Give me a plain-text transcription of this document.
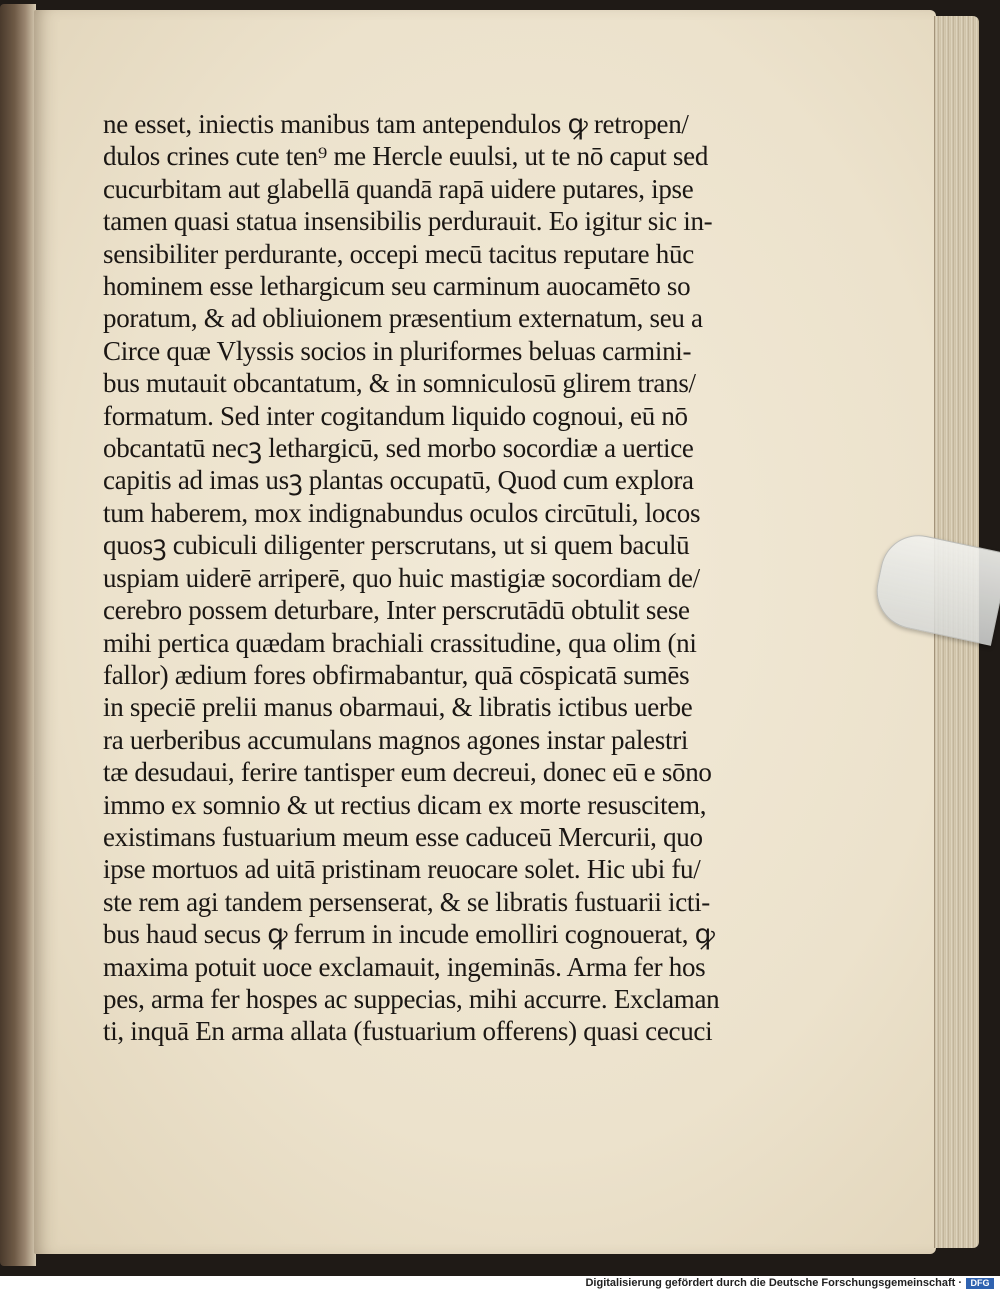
ne esset, iniectis manibus tam antependulos ꝙ retropen/
dulos crines cute ten⁹ me Hercle euulsi, ut te nō caput sed
cucurbitam aut glabellā quandā rapā uidere putares, ipse
tamen quasi statua insensibilis perdurauit. Eo igitur sic in-
sensibiliter perdurante, occepi mecū tacitus reputare hūc
hominem esse lethargicum seu carminum auocamēto so
poratum, & ad obliuionem præsentium externatum, seu a
Circe quæ Vlyssis socios in pluriformes beluas carmini-
bus mutauit obcantatum, & in somniculosū glirem trans/
formatum. Sed inter cogitandum liquido cognoui, eū nō
obcantatū necꝫ lethargicū, sed morbo socordiæ a uertice
capitis ad imas usꝫ plantas occupatū, Quod cum explora
tum haberem, mox indignabundus oculos circūtuli, locos
quosꝫ cubiculi diligenter perscrutans, ut si quem baculū
uspiam uiderē arriperē, quo huic mastigiæ socordiam de/
cerebro possem deturbare, Inter perscrutādū obtulit sese
mihi pertica quædam brachiali crassitudine, qua olim (ni
fallor) ædium fores obfirmabantur, quā cōspicatā sumēs
in speciē prelii manus obarmaui, & libratis ictibus uerbe
ra uerberibus accumulans magnos agones instar palestri
tæ desudaui, ferire tantisper eum decreui, donec eū e sōno
immo ex somnio & ut rectius dicam ex morte resuscitem,
existimans fustuarium meum esse caduceū Mercurii, quo
ipse mortuos ad uitā pristinam reuocare solet. Hic ubi fu/
ste rem agi tandem persenserat, & se libratis fustuarii icti-
bus haud secus ꝙ ferrum in incude emolliri cognouerat, ꝙ
maxima potuit uoce exclamauit, ingeminās. Arma fer hos
pes, arma fer hospes ac suppecias, mihi accurre. Exclaman
ti, inquā En arma allata (fustuarium offerens) quasi cecuci
Digitalisierung gefördert durch die Deutsche Forschungsgemeinschaft · DFG
